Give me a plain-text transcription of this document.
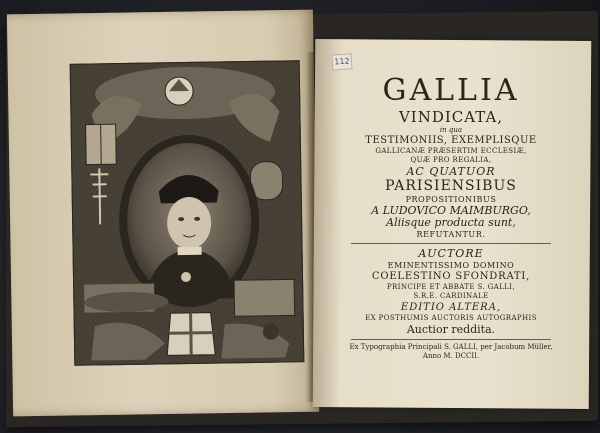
112
GALLIA
VINDICATA,
in qua
TESTIMONIIS, EXEMPLISQUE
GALLICANÆ PRÆSERTIM ECCLESIÆ,
QUÆ PRO REGALIA,
AC QUATUOR
PARISIENSIBUS
PROPOSITIONIBUS
A LUDOVICO MAIMBURGO,
Aliisque producta sunt,
REFUTANTUR.
AUCTORE
EMINENTISSIMO DOMINO
COELESTINO SFONDRATI,
PRINCIPE ET ABBATE S. GALLI,
S.R.E. CARDINALE
EDITIO ALTERA,
EX POSTHUMIS AUCTORIS AUTOGRAPHIS
Auctior reddita.
Ex Typographia Principali S. GALLI, per Jacobum Müller,
Anno M. DCCII.
